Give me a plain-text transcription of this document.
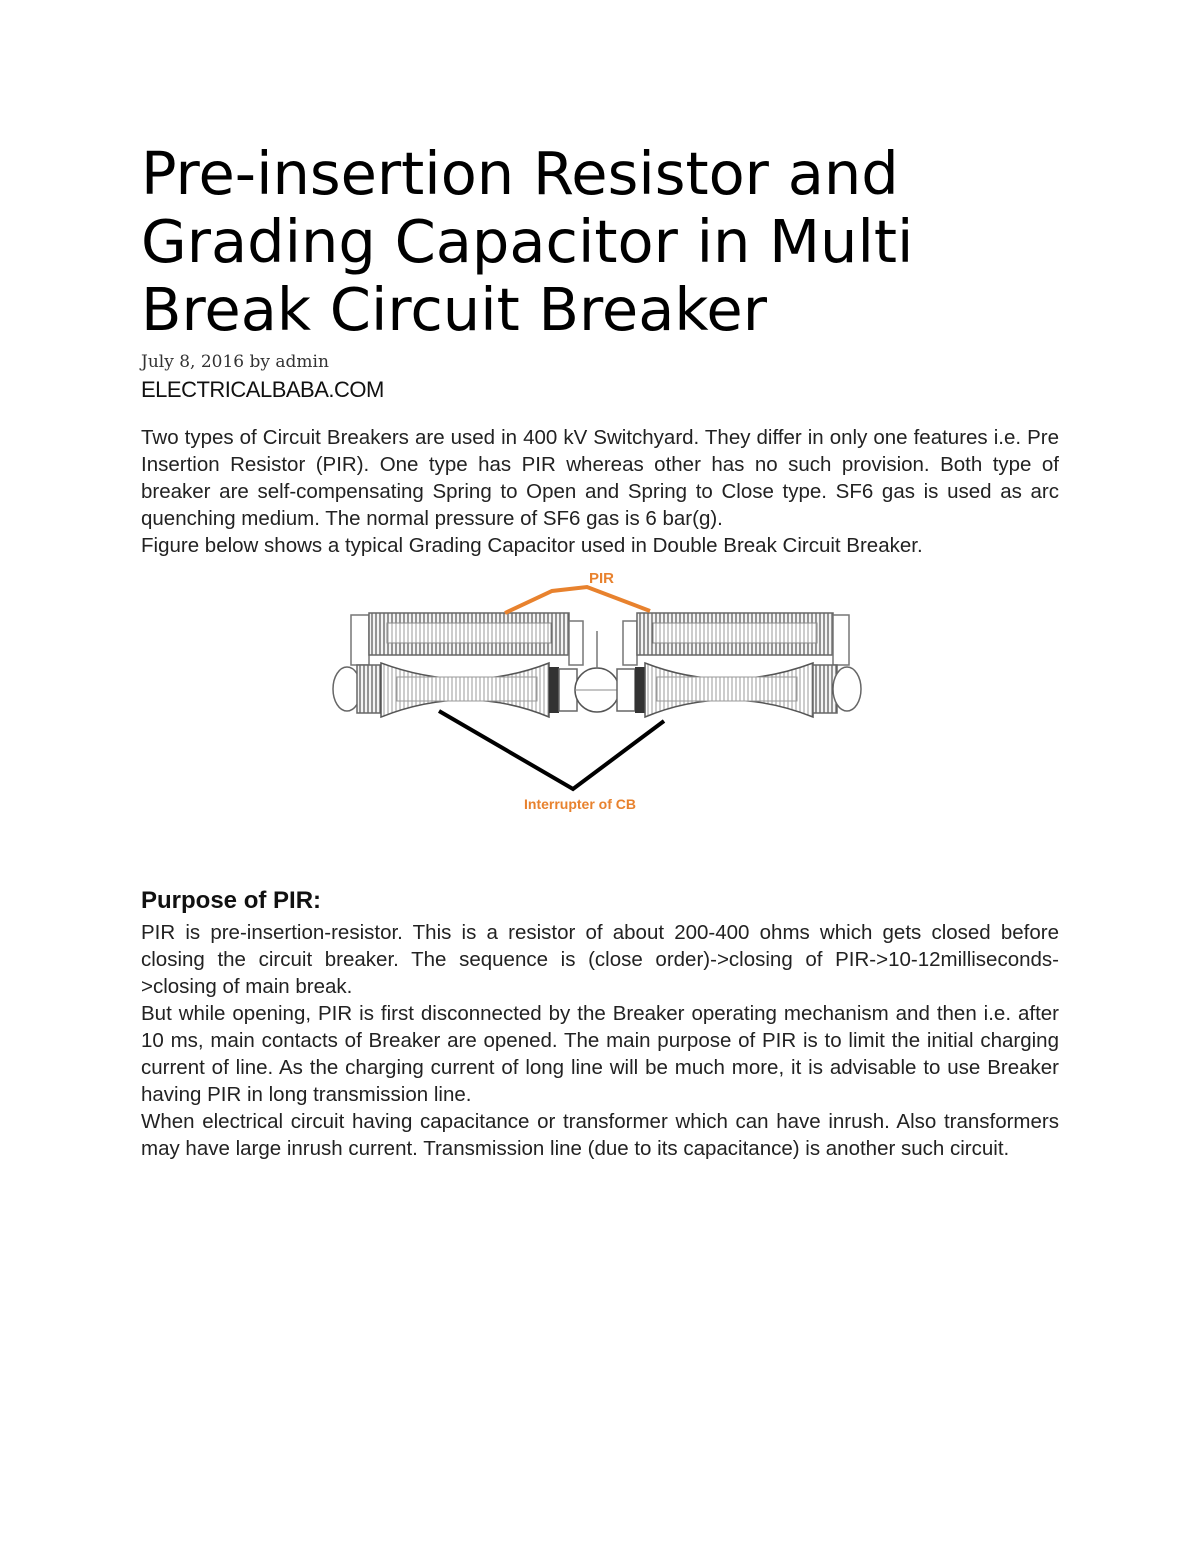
Pre-insertion Resistor and Grading Capacitor in Multi Break Circuit Breaker
July 8, 2016 by admin
ELECTRICALBABA.COM

Two types of Circuit Breakers are used in 400 kV Switchyard. They differ in only one features i.e. Pre Insertion Resistor (PIR). One type has PIR whereas other has no such provision. Both type of breaker are self-compensating Spring to Open and Spring to Close type. SF6 gas is used as arc quenching medium. The normal pressure of SF6 gas is 6 bar(g).

Figure below shows a typical Grading Capacitor used in Double Break Circuit Breaker.

PIR
Interrupter of CB
Purpose of PIR:

PIR is pre-insertion-resistor. This is a resistor of about 200-400 ohms which gets closed before closing the circuit breaker. The sequence is (close order)->closing of PIR->10-12milliseconds->closing of main break.

But while opening, PIR is first disconnected by the Breaker operating mechanism and then i.e. after 10 ms, main contacts of Breaker are opened. The main purpose of PIR is to limit the initial charging current of line. As the charging current of long line will be much more, it is advisable to use Breaker having PIR in long transmission line.

When electrical circuit having capacitance or transformer which can have inrush. Also transformers may have large inrush current. Transmission line (due to its capacitance) is another such circuit.
